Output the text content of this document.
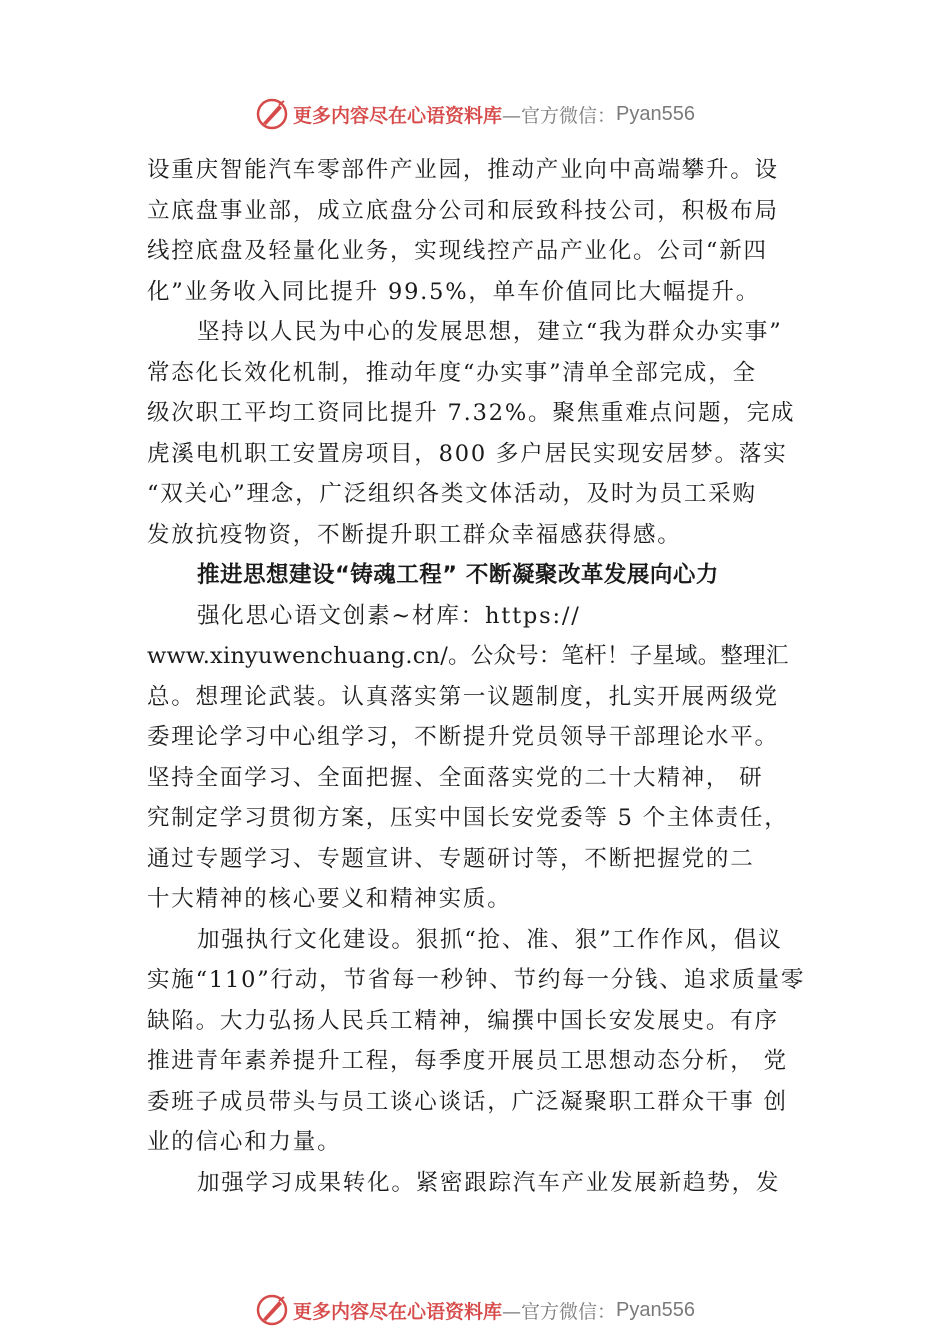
更多内容尽在心语资料库 —官方微信： Pyan556
设重庆智能汽车零部件产业园，推动产业向中高端攀升。设
立底盘事业部，成立底盘分公司和辰致科技公司，积极布局
线控底盘及轻量化业务，实现线控产品产业化。公司“新四
化”业务收入同比提升 99.5%，单车价值同比大幅提升。
坚持以人民为中心的发展思想，建立“我为群众办实事”
常态化长效化机制，推动年度“办实事”清单全部完成，全
级次职工平均工资同比提升 7.32%。聚焦重难点问题，完成
虎溪电机职工安置房项目，800 多户居民实现安居梦。落实
“双关心”理念，广泛组织各类文体活动，及时为员工采购
发放抗疫物资，不断提升职工群众幸福感获得感。
推进思想建设“铸魂工程” 不断凝聚改革发展向心力
强化思心语文创素~材库：https://
www.xinyuwenchuang.cn/。公众号：笔杆！子星域。整理汇
总。想理论武装。认真落实第一议题制度，扎实开展两级党
委理论学习中心组学习，不断提升党员领导干部理论水平。
坚持全面学习、全面把握、全面落实党的二十大精神， 研
究制定学习贯彻方案，压实中国长安党委等 5 个主体责任，
通过专题学习、专题宣讲、专题研讨等，不断把握党的二
十大精神的核心要义和精神实质。
加强执行文化建设。狠抓“抢、准、狠”工作作风，倡议
实施“110”行动，节省每一秒钟、节约每一分钱、追求质量零
缺陷。大力弘扬人民兵工精神，编撰中国长安发展史。有序
推进青年素养提升工程，每季度开展员工思想动态分析， 党
委班子成员带头与员工谈心谈话，广泛凝聚职工群众干事 创
业的信心和力量。
加强学习成果转化。紧密跟踪汽车产业发展新趋势，发
更多内容尽在心语资料库 —官方微信： Pyan556
